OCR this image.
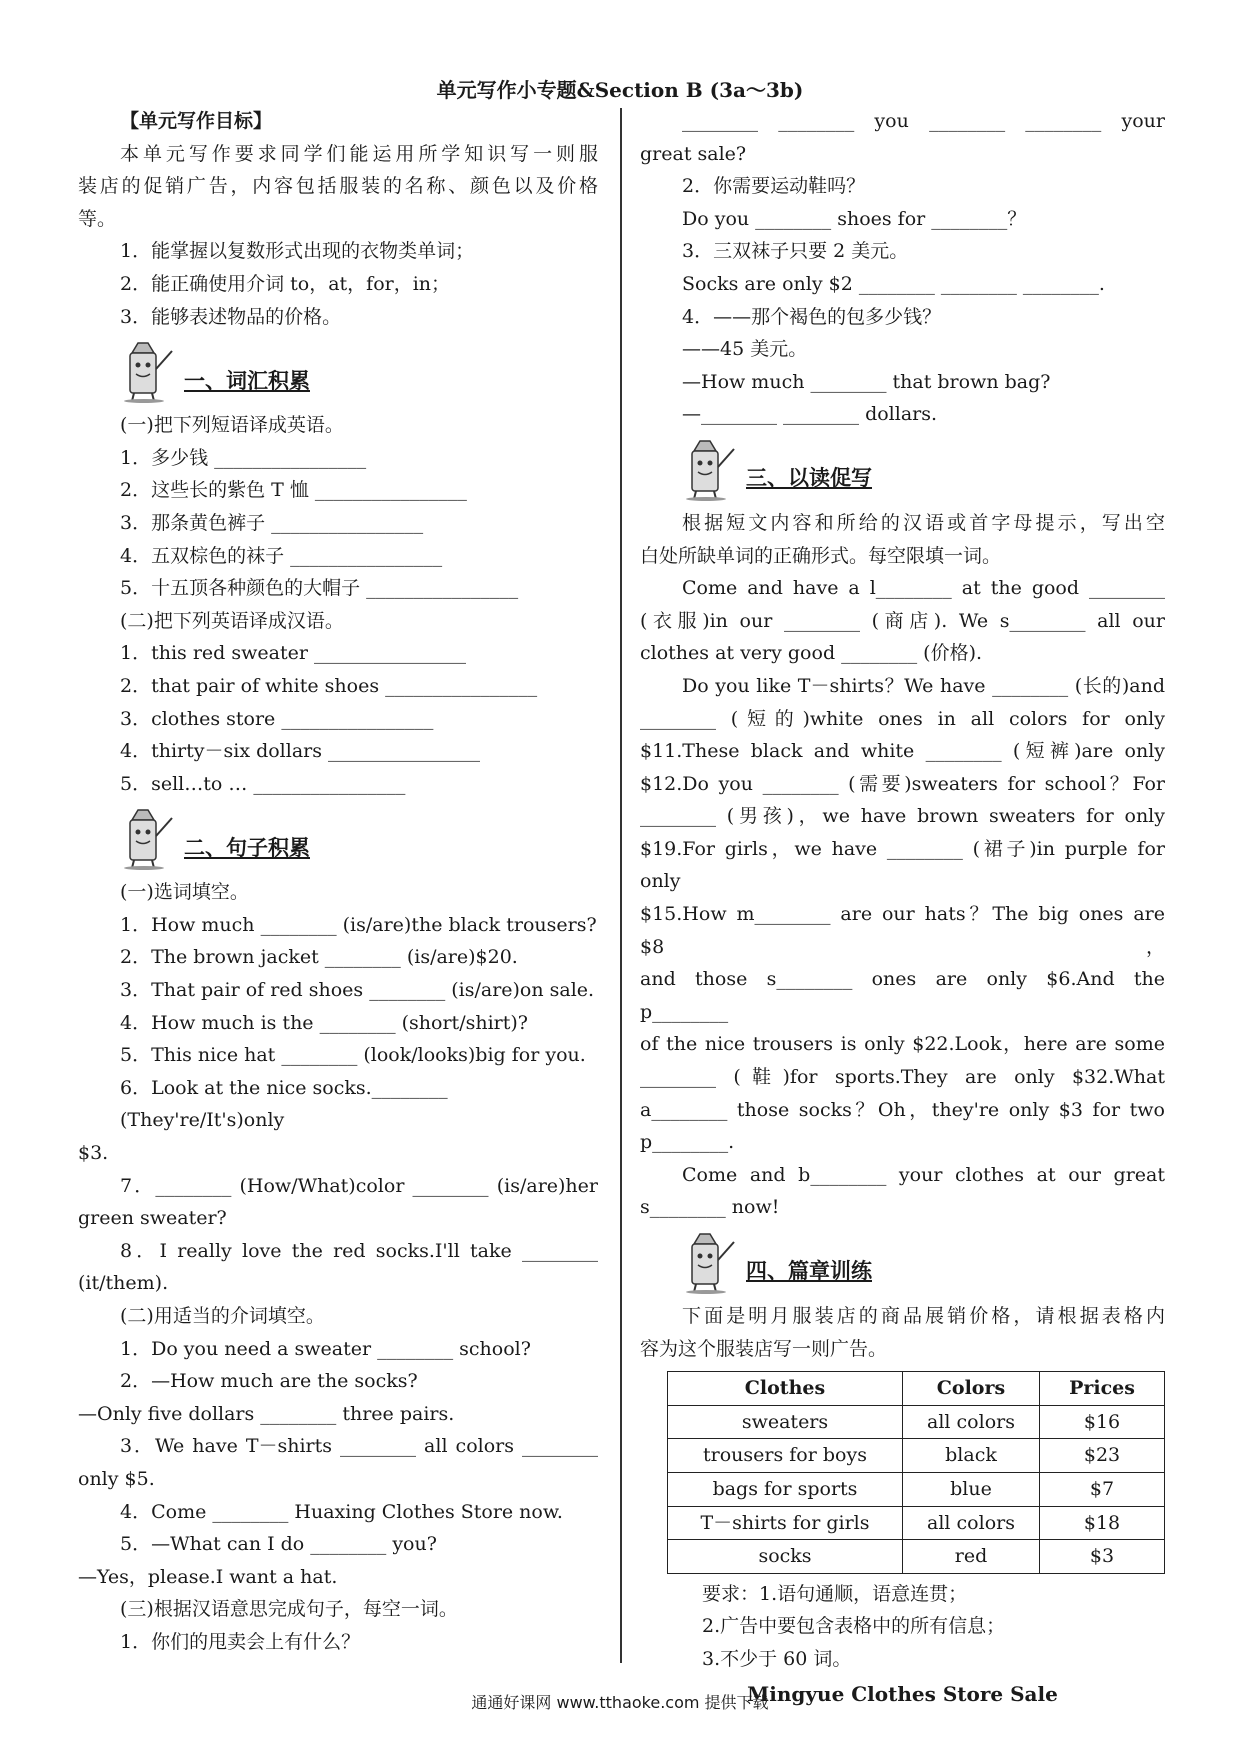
单元写作小专题&Section B (3a～3b)
【单元写作目标】
本单元写作要求同学们能运用所学知识写一则服
装店的促销广告，内容包括服装的名称、颜色以及价格
等。
1．能掌握以复数形式出现的衣物类单词；
2．能正确使用介词 to，at，for，in；
3．能够表述物品的价格。
一、词汇积累
(一)把下列短语译成英语。
1．多少钱 ________________
2．这些长的紫色 T 恤 ________________
3．那条黄色裤子 ________________
4．五双棕色的袜子 ________________
5．十五顶各种颜色的大帽子 ________________
(二)把下列英语译成汉语。
1．this red sweater ________________
2．that pair of white shoes ________________
3．clothes store ________________
4．thirty－six dollars ________________
5．sell…to … ________________
二、句子积累
(一)选词填空。
1．How much ________ (is/are)the black trousers?
2．The brown jacket ________ (is/are)$20.
3．That pair of red shoes ________ (is/are)on sale.
4．How much is the ________ (short/shirt)?
5．This nice hat ________ (look/looks)big for you.
6．Look at the nice socks.________ (They're/It's)only
$3.
7．________ (How/What)color ________ (is/are)her
green sweater?
8．I really love the red socks.I'll take ________
(it/them).
(二)用适当的介词填空。
1．Do you need a sweater ________ school?
2．—How much are the socks?
—Only five dollars ________ three pairs.
3．We have T－shirts ________ all colors ________
only $5.
4．Come ________ Huaxing Clothes Store now.
5．—What can I do ________ you?
—Yes，please.I want a hat.
(三)根据汉语意思完成句子，每空一词。
1．你们的甩卖会上有什么？
________ ________ you ________ ________ your
great sale?
2．你需要运动鞋吗？
Do you ________ shoes for ________？
3．三双袜子只要 2 美元。
Socks are only $2 ________ ________ ________.
4．——那个褐色的包多少钱？
——45 美元。
—How much ________ that brown bag?
—________ ________ dollars.
三、以读促写
根据短文内容和所给的汉语或首字母提示，写出空
白处所缺单词的正确形式。每空限填一词。
Come and have a l________ at the good ________
(衣服)in our ________ (商店). We s________ all our
clothes at very good ________ (价格).
Do you like T－shirts？We have ________ (长的)and
________ (短的)white ones in all colors for only
$11.These black and white ________ (短裤)are only
$12.Do you ________ (需要)sweaters for school？For
________ (男孩)，we have brown sweaters for only
$19.For girls，we have ________ (裙子)in purple for only
$15.How m________ are our hats？The big ones are $8，
and those s________ ones are only $6.And the p________
of the nice trousers is only $22.Look，here are some
________ (鞋)for sports.They are only $32.What
a________ those socks？Oh，they're only $3 for two
p________.
Come and b________ your clothes at our great
s________ now!
四、篇章训练
下面是明月服装店的商品展销价格，请根据表格内
容为这个服装店写一则广告。
Clothes	Colors	Prices
sweaters	all colors	$16
trousers for boys	black	$23
bags for sports	blue	$7
T－shirts for girls	all colors	$18
socks	red	$3
要求：1.语句通顺，语意连贯；
2.广告中要包含表格中的所有信息；
3.不少于 60 词。
Mingyue Clothes Store Sale
通通好课网 www.tthaoke.com 提供下载
